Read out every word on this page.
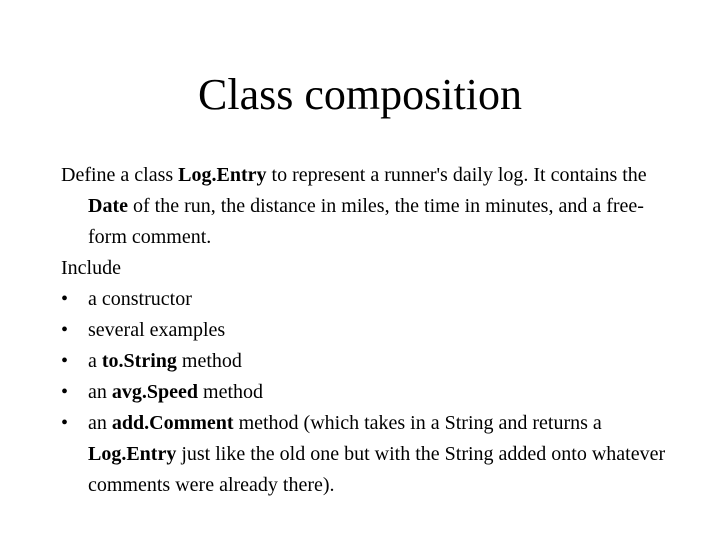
Class composition

Define a class Log.Entry to represent a runner's daily log. It contains the Date of the run, the distance in miles, the time in minutes, and a free-form comment.

Include

• a constructor
• several examples
• a to.String method
• an avg.Speed method
• an add.Comment method (which takes in a String and returns a Log.Entry just like the old one but with the String added onto whatever comments were already there).
